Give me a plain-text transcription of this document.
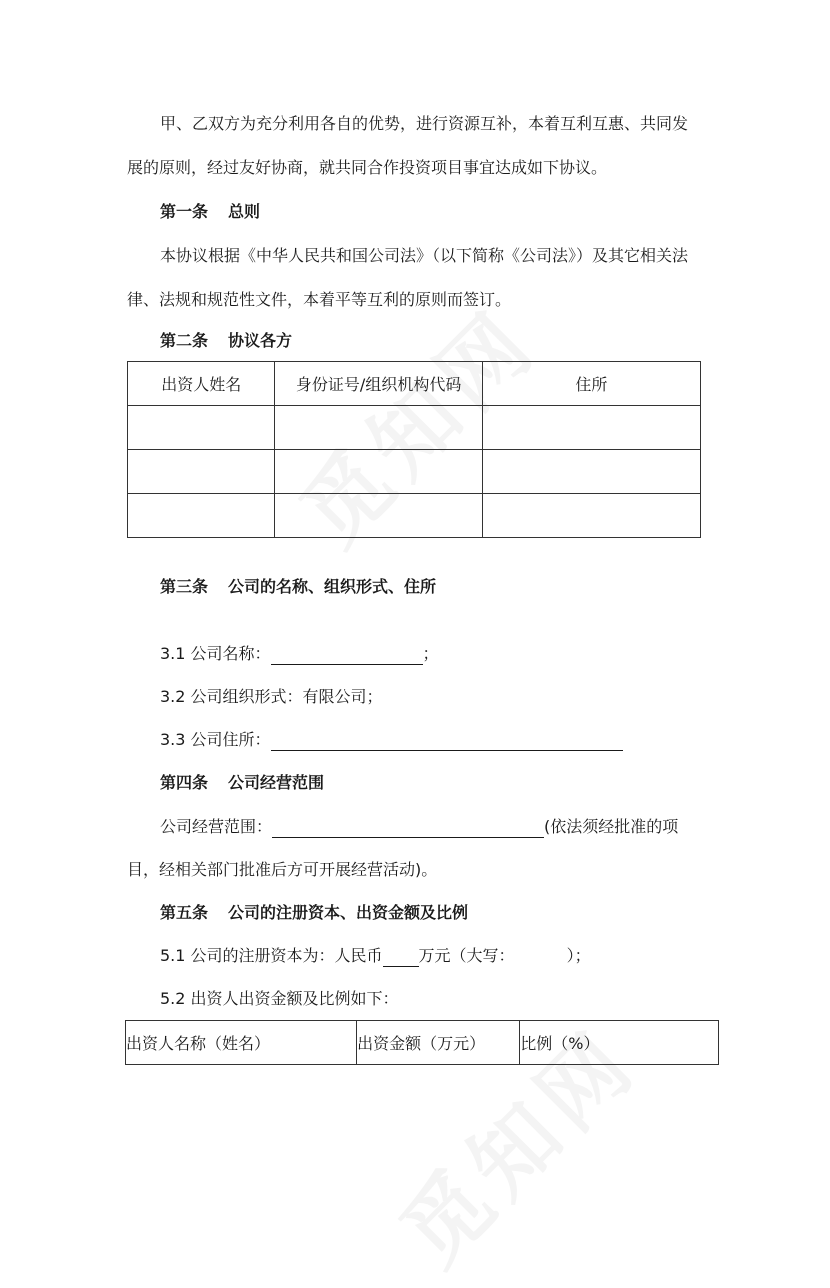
甲、乙双方为充分利用各自的优势，进行资源互补，本着互利互惠、共同发
展的原则，经过友好协商，就共同合作投资项目事宜达成如下协议。
第一条 总则
本协议根据《中华人民共和国公司法》（以下简称《公司法》）及其它相关法
律、法规和规范性文件，本着平等互利的原则而签订。
第二条 协议各方
出资人姓名	身份证号/组织机构代码	住所

第三条 公司的名称、组织形式、住所
3.1 公司名称：	；
3.2 公司组织形式：有限公司；
3.3 公司住所：
第四条 公司经营范围
公司经营范围：	(依法须经批准的项
目，经相关部门批准后方可开展经营活动)。
第五条 公司的注册资本、出资金额及比例
5.1 公司的注册资本为：人民币 万元（大写：	）；
5.2 出资人出资金额及比例如下：
出资人名称（姓名）	出资金额（万元）	比例（%）
